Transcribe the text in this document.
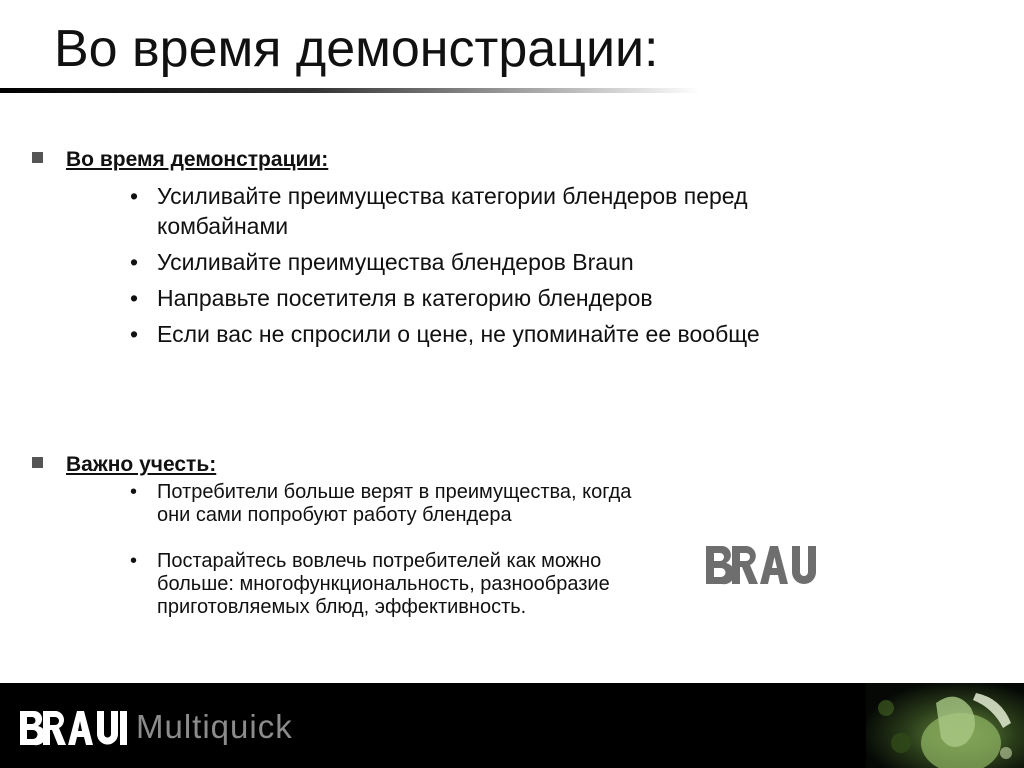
Во время демонстрации:
Во время демонстрации:
• Усиливайте преимущества категории блендеров перед комбайнами
• Усиливайте преимущества блендеров Braun
• Направьте посетителя в категорию блендеров
• Если вас не спросили о цене, не упоминайте ее вообще
Важно учесть:
• Потребители больше верят в преимущества, когда они сами попробуют работу блендера
• Постарайтесь вовлечь потребителей как можно больше: многофункциональность, разнообразие приготовляемых блюд, эффективность.
BRAUN
Multiquick
